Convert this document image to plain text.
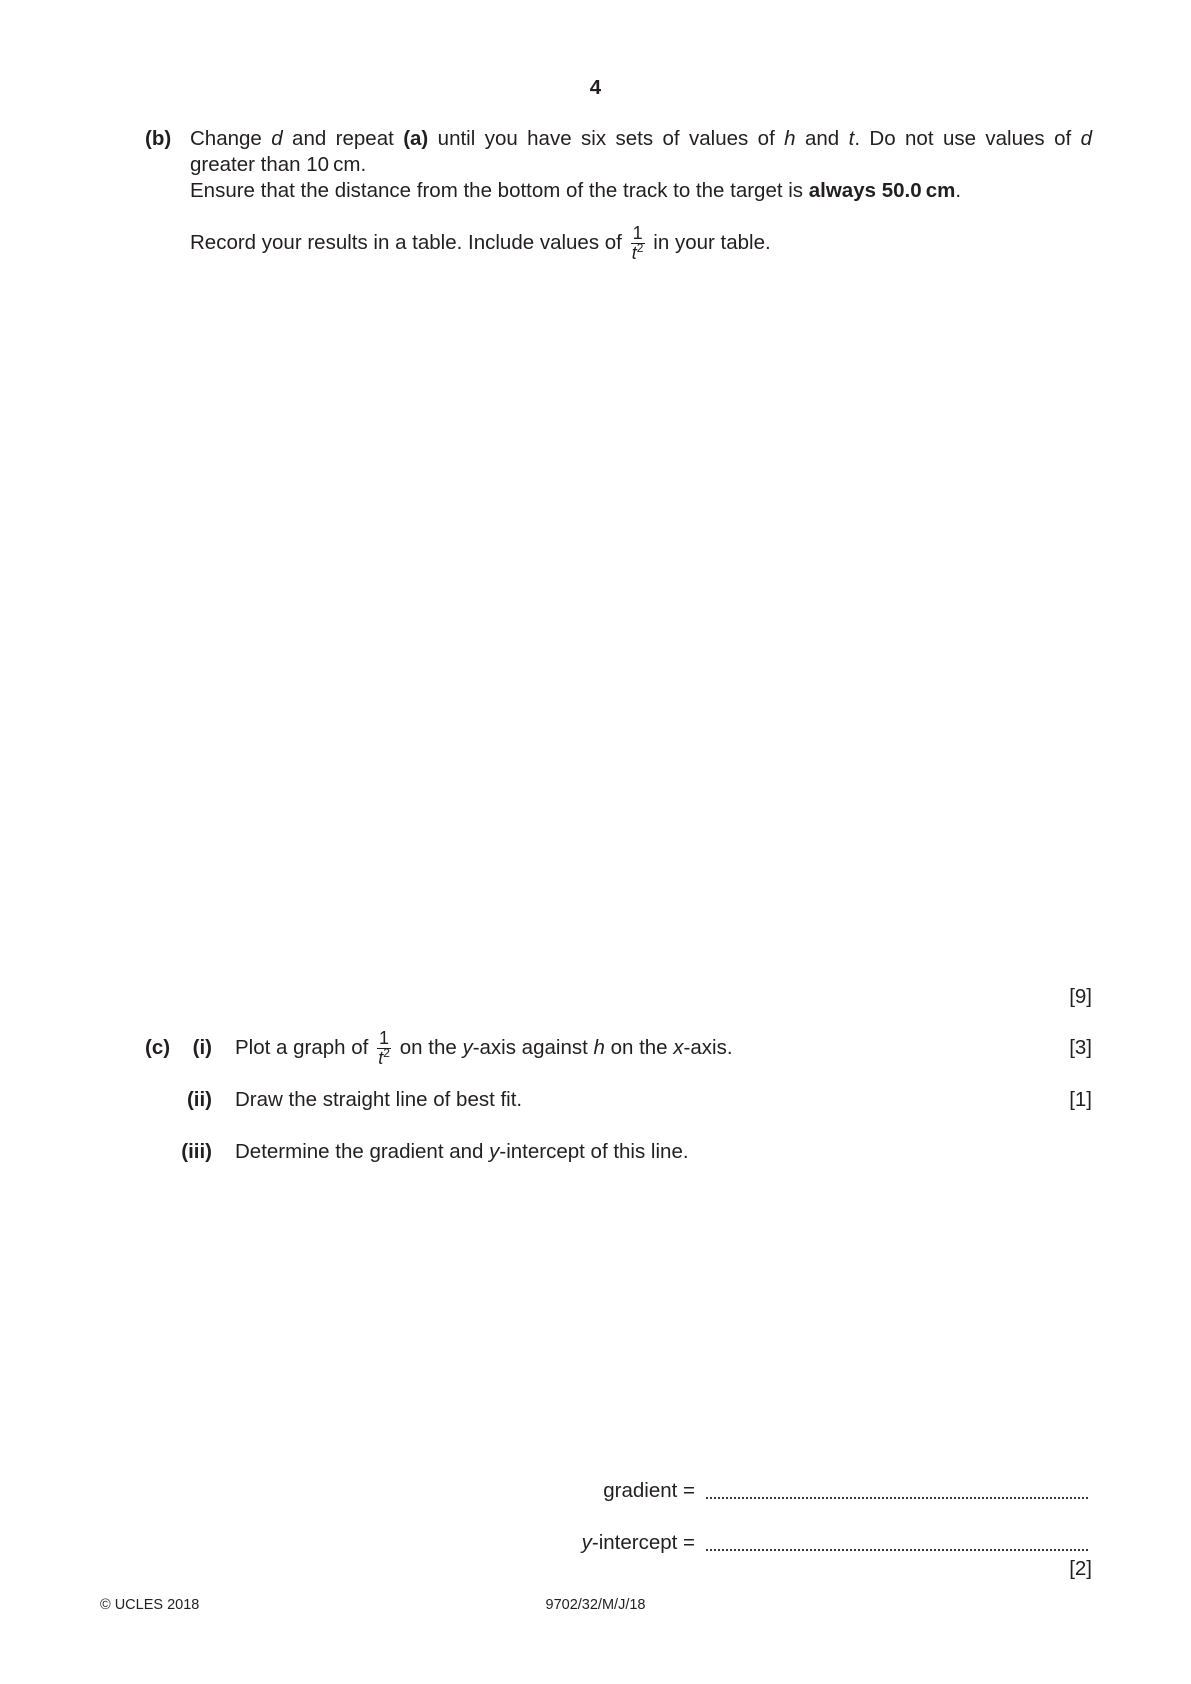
4
(b) Change d and repeat (a) until you have six sets of values of h and t. Do not use values of d
greater than 10 cm.
Ensure that the distance from the bottom of the track to the target is always 50.0 cm.
Record your results in a table. Include values of $\frac{1}{t^2}$ in your table.
[9]
(c)	(i) Plot a graph of $\frac{1}{t^2}$ on the y-axis against h on the x-axis.	[3]
(ii) Draw the straight line of best fit.	[1]
(iii) Determine the gradient and y-intercept of this line.
gradient =
y-intercept =
[2]
© UCLES 2018	9702/32/M/J/18
